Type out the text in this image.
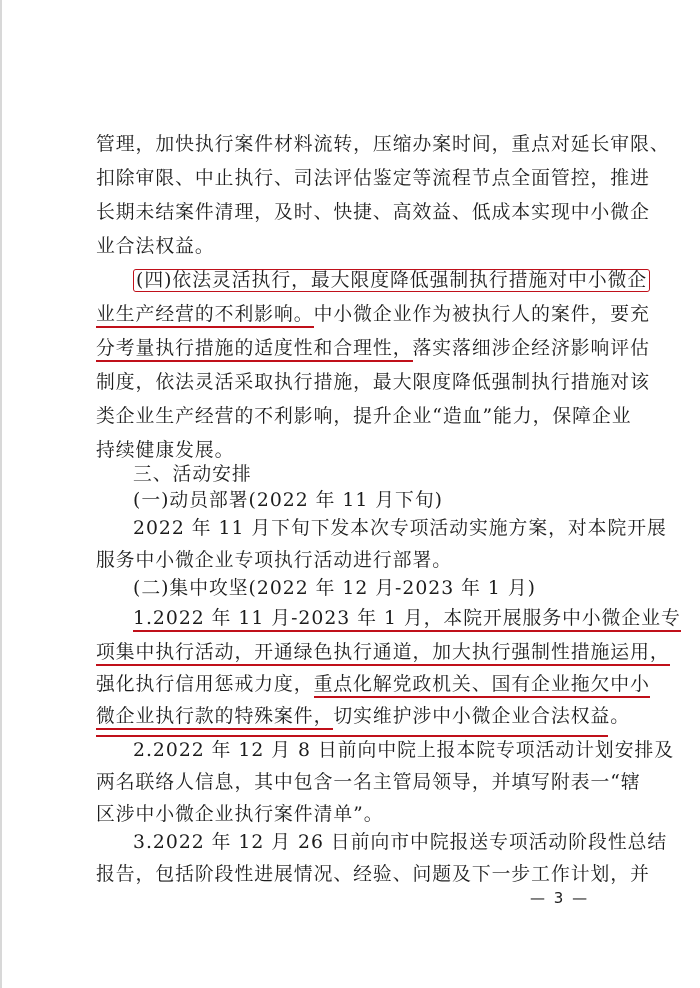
管理，加快执行案件材料流转，压缩办案时间，重点对延长审限、

扣除审限、中止执行、司法评估鉴定等流程节点全面管控，推进

长期未结案件清理，及时、快捷、高效益、低成本实现中小微企

业合法权益。

(四)依法灵活执行，最大限度降低强制执行措施对中小微企

业生产经营的不利影响。中小微企业作为被执行人的案件，要充

分考量执行措施的适度性和合理性，落实落细涉企经济影响评估

制度，依法灵活采取执行措施，最大限度降低强制执行措施对该

类企业生产经营的不利影响，提升企业“造血”能力，保障企业

持续健康发展。

三、活动安排

(一)动员部署(2022 年 11 月下旬)

2022 年 11 月下旬下发本次专项活动实施方案，对本院开展

服务中小微企业专项执行活动进行部署。

(二)集中攻坚(2022 年 12 月-2023 年 1 月)

1.2022 年 11 月-2023 年 1 月，本院开展服务中小微企业专

项集中执行活动，开通绿色执行通道，加大执行强制性措施运用，

强化执行信用惩戒力度，重点化解党政机关、国有企业拖欠中小

微企业执行款的特殊案件，切实维护涉中小微企业合法权益。

2.2022 年 12 月 8 日前向中院上报本院专项活动计划安排及

两名联络人信息，其中包含一名主管局领导，并填写附表一“辖

区涉中小微企业执行案件清单”。

3.2022 年 12 月 26 日前向市中院报送专项活动阶段性总结

报告，包括阶段性进展情况、经验、问题及下一步工作计划，并

— 3 —
